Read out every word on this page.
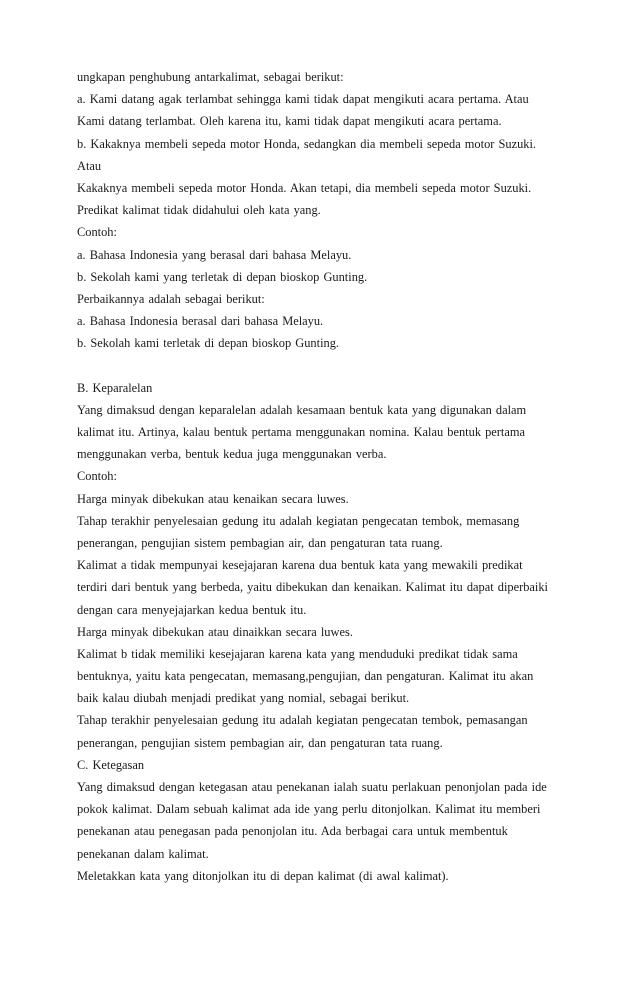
ungkapan penghubung antarkalimat, sebagai berikut:
a. Kami datang agak terlambat sehingga kami tidak dapat mengikuti acara pertama. Atau
Kami datang terlambat. Oleh karena itu, kami tidak dapat mengikuti acara pertama.
b. Kakaknya membeli sepeda motor Honda, sedangkan dia membeli sepeda motor Suzuki.
Atau
Kakaknya membeli sepeda motor Honda. Akan tetapi, dia membeli sepeda motor Suzuki.
Predikat kalimat tidak didahului oleh kata yang.
Contoh:
a. Bahasa Indonesia yang berasal dari bahasa Melayu.
b. Sekolah kami yang terletak di depan bioskop Gunting.
Perbaikannya adalah sebagai berikut:
a. Bahasa Indonesia berasal dari bahasa Melayu.
b. Sekolah kami terletak di depan bioskop Gunting.
B. Keparalelan
Yang dimaksud dengan keparalelan adalah kesamaan bentuk kata yang digunakan dalam
kalimat itu. Artinya, kalau bentuk pertama menggunakan nomina. Kalau bentuk pertama
menggunakan verba, bentuk kedua juga menggunakan verba.
Contoh:
Harga minyak dibekukan atau kenaikan secara luwes.
Tahap terakhir penyelesaian gedung itu adalah kegiatan pengecatan tembok, memasang
penerangan, pengujian sistem pembagian air, dan pengaturan tata ruang.
Kalimat a tidak mempunyai kesejajaran karena dua bentuk kata yang mewakili predikat
terdiri dari bentuk yang berbeda, yaitu dibekukan dan kenaikan. Kalimat itu dapat diperbaiki
dengan cara menyejajarkan kedua bentuk itu.
Harga minyak dibekukan atau dinaikkan secara luwes.
Kalimat b tidak memiliki kesejajaran karena kata yang menduduki predikat tidak sama
bentuknya, yaitu kata pengecatan, memasang,pengujian, dan pengaturan. Kalimat itu akan
baik kalau diubah menjadi predikat yang nomial, sebagai berikut.
Tahap terakhir penyelesaian gedung itu adalah kegiatan pengecatan tembok, pemasangan
penerangan, pengujian sistem pembagian air, dan pengaturan tata ruang.
C. Ketegasan
Yang dimaksud dengan ketegasan atau penekanan ialah suatu perlakuan penonjolan pada ide
pokok kalimat. Dalam sebuah kalimat ada ide yang perlu ditonjolkan. Kalimat itu memberi
penekanan atau penegasan pada penonjolan itu. Ada berbagai cara untuk membentuk
penekanan dalam kalimat.
Meletakkan kata yang ditonjolkan itu di depan kalimat (di awal kalimat).
